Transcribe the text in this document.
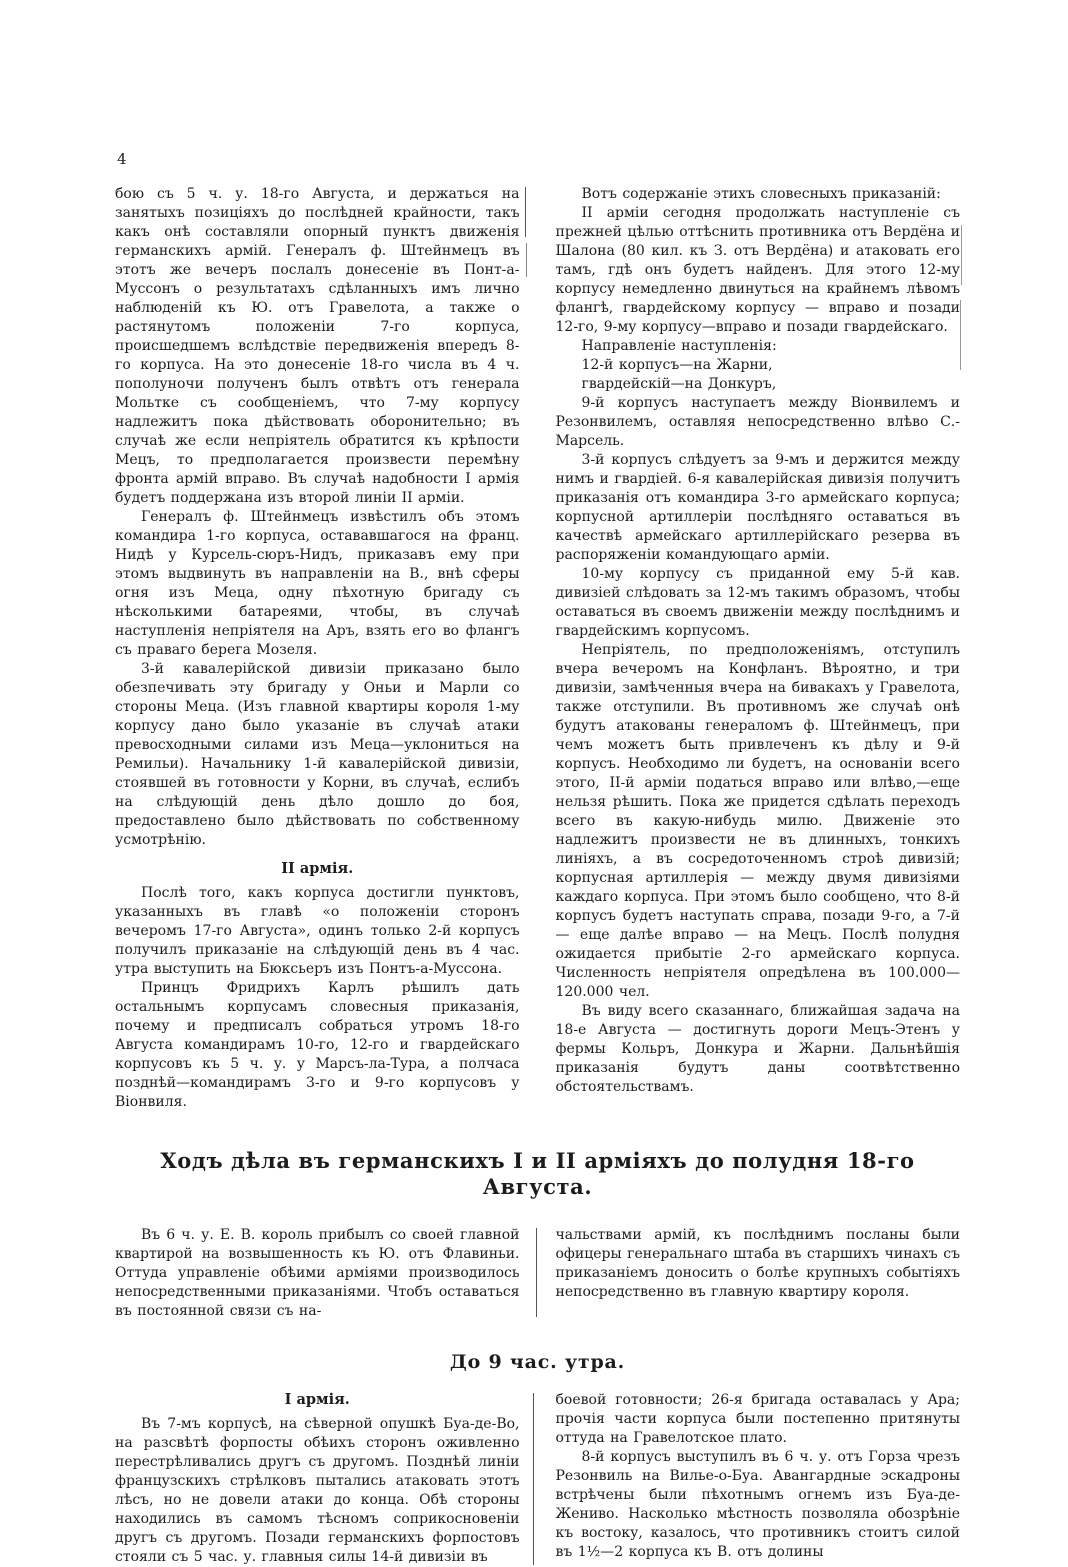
4

бою съ 5 ч. у. 18-го Августа, и держаться на занятыхъ позиціяхъ до послѣдней крайности, такъ какъ онѣ составляли опорный пунктъ движенія германскихъ армій. Генералъ ф. Штейнмецъ въ этотъ же вечеръ послалъ донесеніе въ Понт-а-Муссонъ о результатахъ сдѣланныхъ имъ лично наблюденій къ Ю. отъ Гравелота, а также о растянутомъ положеніи 7-го корпуса, происшедшемъ вслѣдствіе передвиженія впередъ 8-го корпуса. На это донесеніе 18-го числа въ 4 ч. пополуночи полученъ былъ отвѣтъ отъ генерала Мольтке съ сообщеніемъ, что 7-му корпусу надлежитъ пока дѣйствовать оборонительно; въ случаѣ же если непріятель обратится къ крѣпости Мецъ, то предполагается произвести перемѣну фронта армій вправо. Въ случаѣ надобности I армія будетъ поддержана изъ второй линіи II арміи.

Генералъ ф. Штейнмецъ извѣстилъ объ этомъ командира 1-го корпуса, остававшагося на франц. Нидѣ у Курсель-сюръ-Нидъ, приказавъ ему при этомъ выдвинуть въ направленіи на В., внѣ сферы огня изъ Меца, одну пѣхотную бригаду съ нѣсколькими батареями, чтобы, въ случаѣ наступленія непріятеля на Аръ, взять его во флангъ съ праваго берега Мозеля.

3-й кавалерійской дивизіи приказано было обезпечивать эту бригаду у Оньи и Марли со стороны Меца. (Изъ главной квартиры короля 1-му корпусу дано было указаніе въ случаѣ атаки превосходными силами изъ Меца—уклониться на Ремильи). Начальнику 1-й кавалерійской дивизіи, стоявшей въ готовности у Корни, въ случаѣ, еслибъ на слѣдующій день дѣло дошло до боя, предоставлено было дѣйствовать по собственному усмотрѣнію.

II армія.

Послѣ того, какъ корпуса достигли пунктовъ, указанныхъ въ главѣ «о положеніи сторонъ вечеромъ 17-го Августа», одинъ только 2-й корпусъ получилъ приказаніе на слѣдующій день въ 4 час. утра выступить на Бюксьеръ изъ Понтъ-а-Муссона.

Принцъ Фридрихъ Карлъ рѣшилъ дать остальнымъ корпусамъ словесныя приказанія, почему и предписалъ собраться утромъ 18-го Августа командирамъ 10-го, 12-го и гвардейскаго корпусовъ къ 5 ч. у. у Марсъ-ла-Тура, а полчаса позднѣй—командирамъ 3-го и 9-го корпусовъ у Віонвиля.

Вотъ содержаніе этихъ словесныхъ приказаній:

II арміи сегодня продолжать наступленіе съ прежней цѣлью оттѣснить противника отъ Вердёна и Шалона (80 кил. къ З. отъ Вердёна) и атаковать его тамъ, гдѣ онъ будетъ найденъ. Для этого 12-му корпусу немедленно двинуться на крайнемъ лѣвомъ флангѣ, гвардейскому корпусу — вправо и позади 12-го, 9-му корпусу—вправо и позади гвардейскаго.

Направленіе наступленія:

12-й корпусъ—на Жарни,

гвардейскій—на Донкуръ,

9-й корпусъ наступаетъ между Віонвилемъ и Резонвилемъ, оставляя непосредственно влѣво С.-Марсель.

3-й корпусъ слѣдуетъ за 9-мъ и держится между нимъ и гвардіей. 6-я кавалерійская дивизія получитъ приказанія отъ командира 3-го армейскаго корпуса; корпусной артиллеріи послѣдняго оставаться въ качествѣ армейскаго артиллерійскаго резерва въ распоряженіи командующаго арміи.

10-му корпусу съ приданной ему 5-й кав. дивизіей слѣдовать за 12-мъ такимъ образомъ, чтобы оставаться въ своемъ движеніи между послѣднимъ и гвардейскимъ корпусомъ.

Непріятель, по предположеніямъ, отступилъ вчера вечеромъ на Конфланъ. Вѣроятно, и три дивизіи, замѣченныя вчера на бивакахъ у Гравелота, также отступили. Въ противномъ же случаѣ онѣ будутъ атакованы генераломъ ф. Штейнмецъ, при чемъ можетъ быть привлеченъ къ дѣлу и 9-й корпусъ. Необходимо ли будетъ, на основаніи всего этого, II-й арміи податься вправо или влѣво,—еще нельзя рѣшить. Пока же придется сдѣлать переходъ всего въ какую-нибудь милю. Движеніе это надлежитъ произвести не въ длинныхъ, тонкихъ линіяхъ, а въ сосредоточенномъ строѣ дивизій; корпусная артиллерія — между двумя дивизіями каждаго корпуса. При этомъ было сообщено, что 8-й корпусъ будетъ наступать справа, позади 9-го, а 7-й — еще далѣе вправо — на Мецъ. Послѣ полудня ожидается прибытіе 2-го армейскаго корпуса. Численность непріятеля опредѣлена въ 100.000—120.000 чел.

Въ виду всего сказаннаго, ближайшая задача на 18-е Августа — достигнуть дороги Мецъ-Этенъ у фермы Кольръ, Донкура и Жарни. Дальнѣйшія приказанія будутъ даны соотвѣтственно обстоятельствамъ.

Ходъ дѣла въ германскихъ I и II арміяхъ до полудня 18-го Августа.

Въ 6 ч. у. Е. В. король прибылъ со своей главной квартирой на возвышенность къ Ю. отъ Флавиньи. Оттуда управленіе обѣими арміями производилось непосредственными приказаніями. Чтобъ оставаться въ постоянной связи съ на-

чальствами армій, къ послѣднимъ посланы были офицеры генеральнаго штаба въ старшихъ чинахъ съ приказаніемъ доносить о болѣе крупныхъ событіяхъ непосредственно въ главную квартиру короля.

До 9 час. утра.
I армія.

Въ 7-мъ корпусѣ, на сѣверной опушкѣ Буа-де-Во, на разсвѣтѣ форпосты обѣихъ сторонъ оживленно перестрѣливались другъ съ другомъ. Позднѣй линіи французскихъ стрѣлковъ пытались атаковать этотъ лѣсъ, но не довели атаки до конца. Обѣ стороны находились въ самомъ тѣсномъ соприкосновеніи другъ съ другомъ. Позади германскихъ форпостовъ стояли съ 5 час. у. главныя силы 14-й дивизіи въ

боевой готовности; 26-я бригада оставалась у Ара; прочія части корпуса были постепенно притянуты оттуда на Гравелотское плато.

8-й корпусъ выступилъ въ 6 ч. у. отъ Горза чрезъ Резонвиль на Вилье-о-Буа. Авангардные эскадроны встрѣчены были пѣхотнымъ огнемъ изъ Буа-де-Жениво. Насколько мѣстность позволяла обозрѣніе къ востоку, казалось, что противникъ стоитъ силой въ 1½—2 корпуса къ В. отъ долины
